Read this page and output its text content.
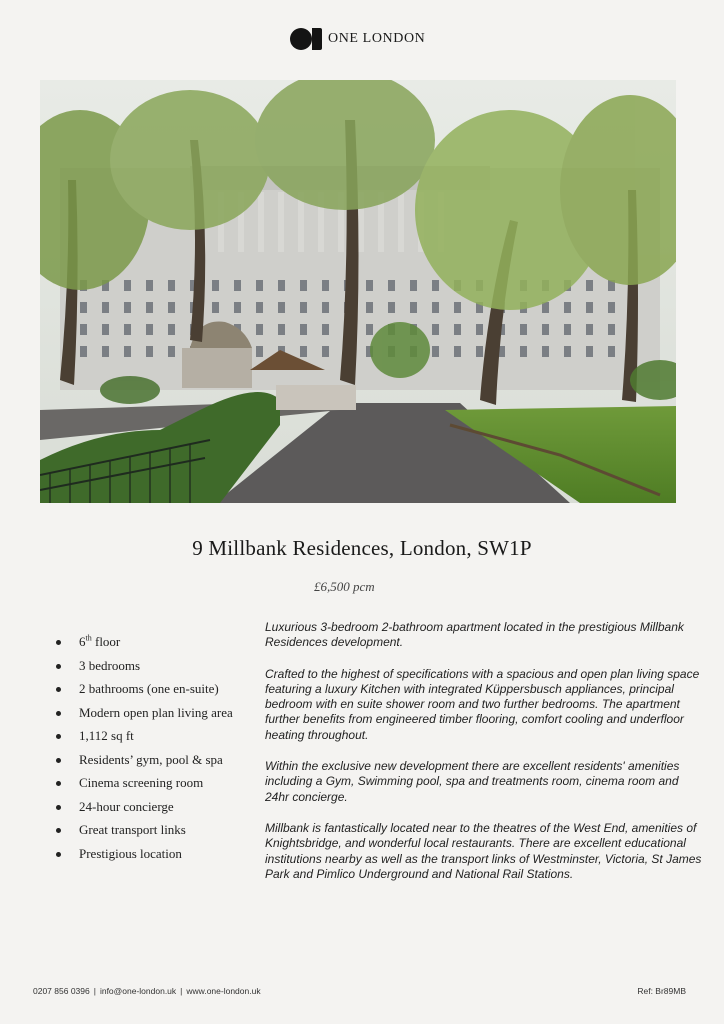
ONE LONDON
9 Millbank Residences, London, SW1P
£6,500 pcm
6th floor
3 bedrooms
2 bathrooms (one en-suite)
Modern open plan living area
1,112 sq ft
Residents’ gym, pool & spa
Cinema screening room
24-hour concierge
Great transport links
Prestigious location

Luxurious 3-bedroom 2-bathroom apartment located in the prestigious Millbank Residences development.

Crafted to the highest of specifications with a spacious and open plan living space featuring a luxury Kitchen with integrated Küppersbusch appliances, principal bedroom with en suite shower room and two further bedrooms. The apartment further benefits from engineered timber flooring, comfort cooling and underfloor heating throughout.

Within the exclusive new development there are excellent residents' amenities including a Gym, Swimming pool, spa and treatments room, cinema room and 24hr concierge.

Millbank is fantastically located near to the theatres of the West End, amenities of Knightsbridge, and wonderful local restaurants. There are excellent educational institutions nearby as well as the transport links of Westminster, Victoria, St James Park and Pimlico Underground and National Rail Stations.

0207 856 0396 | info@one-london.uk | www.one-london.uk	Ref: Br89MB
